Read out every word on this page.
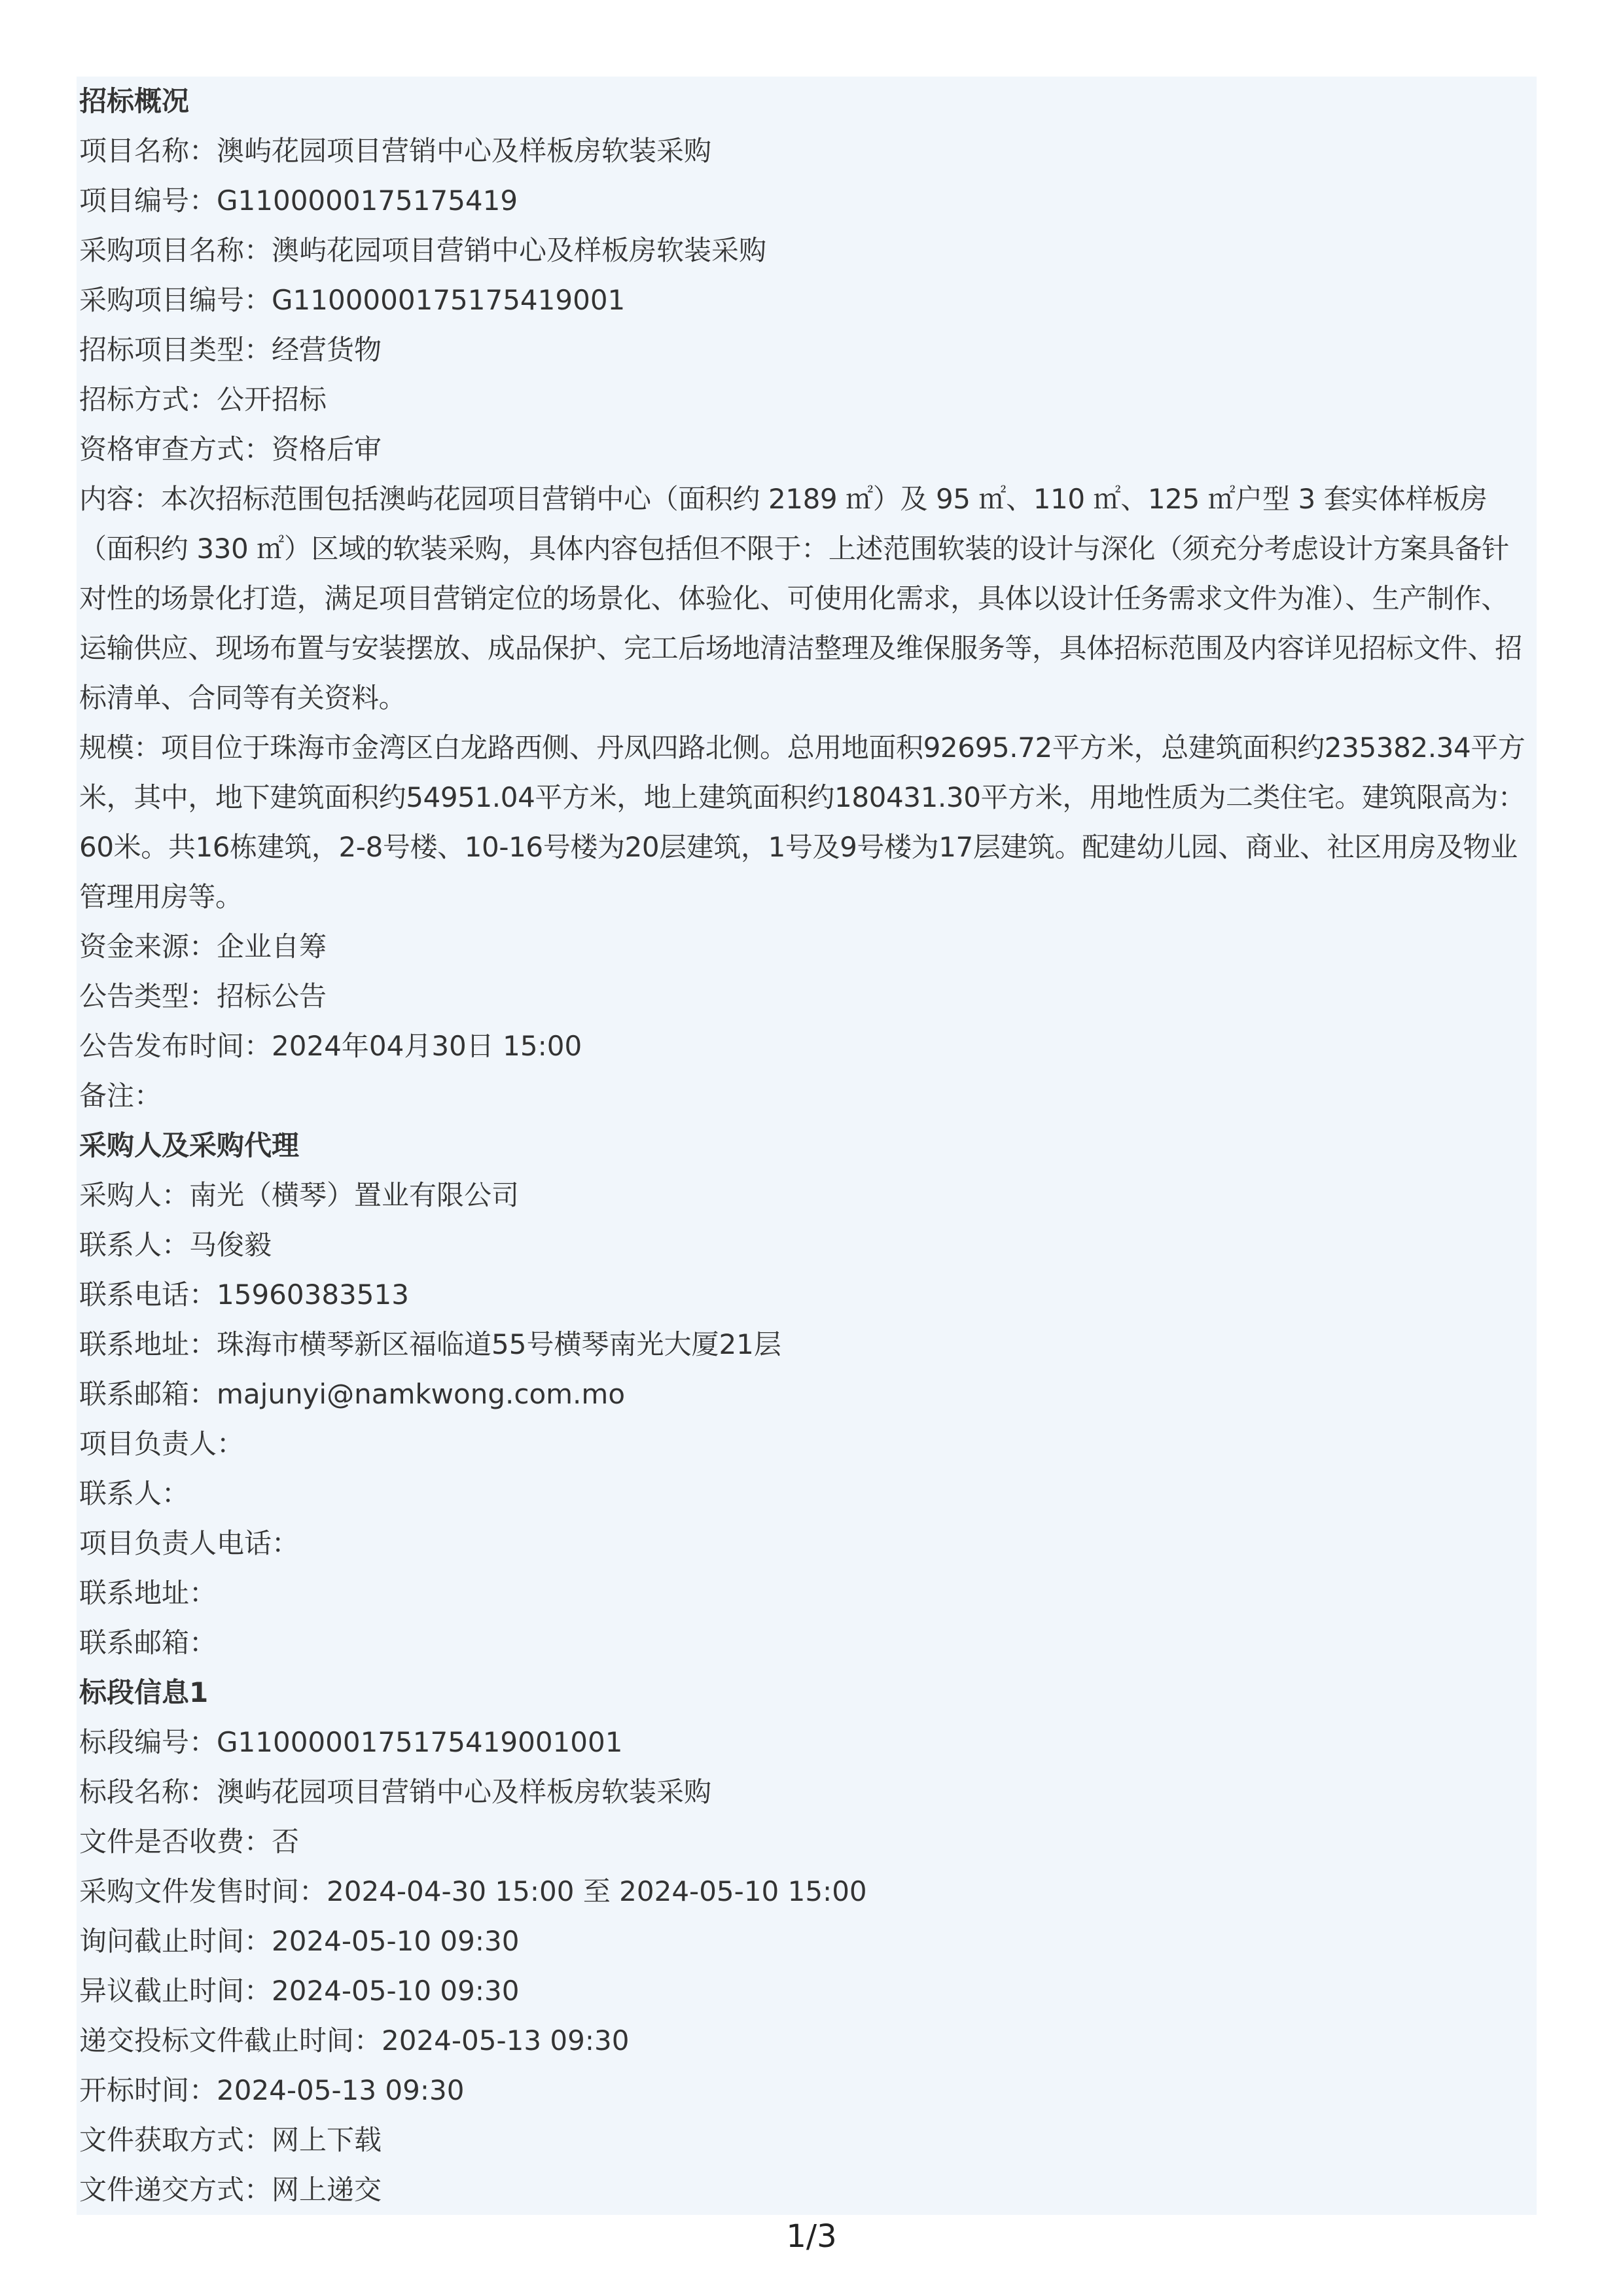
招标概况
项目名称：澳屿花园项目营销中心及样板房软装采购
项目编号：G1100000175175419
采购项目名称：澳屿花园项目营销中心及样板房软装采购
采购项目编号：G1100000175175419001
招标项目类型：经营货物
招标方式：公开招标
资格审查方式：资格后审

内容：本次招标范围包括澳屿花园项目营销中心（面积约 2189 ㎡）及 95 ㎡、110 ㎡、125 ㎡户型 3 套实体样板房（面积约 330 ㎡）区域的软装采购，具体内容包括但不限于：上述范围软装的设计与深化（须充分考虑设计方案具备针对性的场景化打造，满足项目营销定位的场景化、体验化、可使用化需求，具体以设计任务需求文件为准）、生产制作、运输供应、现场布置与安装摆放、成品保护、完工后场地清洁整理及维保服务等，具体招标范围及内容详见招标文件、招标清单、合同等有关资料。

规模：项目位于珠海市金湾区白龙路西侧、丹凤四路北侧。总用地面积92695.72平方米，总建筑面积约235382.34平方米，其中，地下建筑面积约54951.04平方米，地上建筑面积约180431.30平方米，用地性质为二类住宅。建筑限高为：60米。共16栋建筑，2-8号楼、10-16号楼为20层建筑，1号及9号楼为17层建筑。配建幼儿园、商业、社区用房及物业管理用房等。

资金来源：企业自筹
公告类型：招标公告
公告发布时间：2024年04月30日 15:00
备注：
采购人及采购代理
采购人：南光（横琴）置业有限公司
联系人：马俊毅
联系电话：15960383513
联系地址：珠海市横琴新区福临道55号横琴南光大厦21层
联系邮箱：majunyi@namkwong.com.mo
项目负责人：
联系人：
项目负责人电话：
联系地址：
联系邮箱：
标段信息1
标段编号：G1100000175175419001001
标段名称：澳屿花园项目营销中心及样板房软装采购
文件是否收费：否
采购文件发售时间：2024-04-30 15:00 至 2024-05-10 15:00
询问截止时间：2024-05-10 09:30
异议截止时间：2024-05-10 09:30
递交投标文件截止时间：2024-05-13 09:30
开标时间：2024-05-13 09:30
文件获取方式：网上下载
文件递交方式：网上递交
1/3
